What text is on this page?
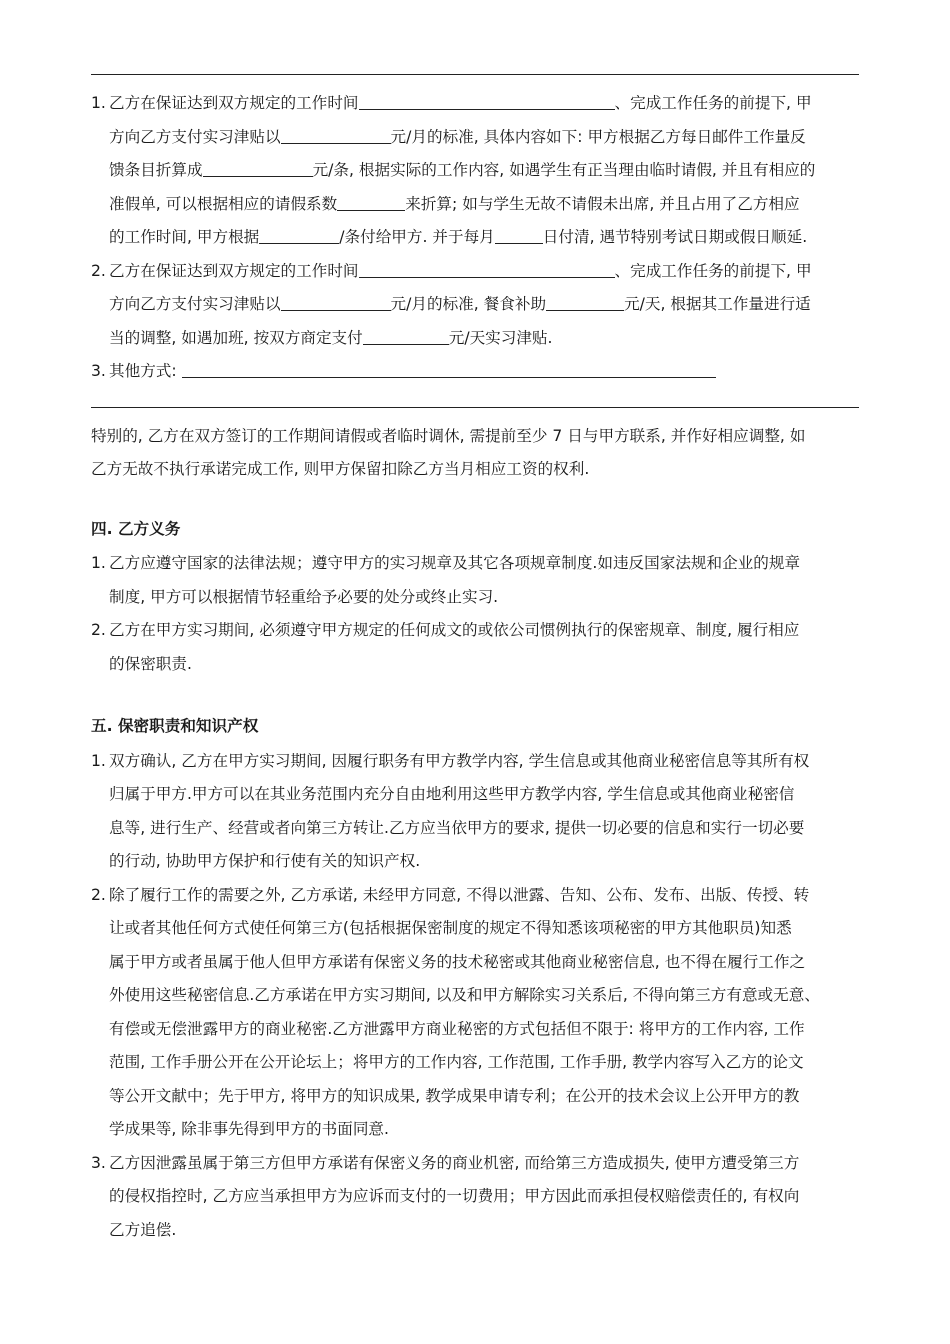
1. 乙方在保证达到双方规定的工作时间	、完成工作任务的前提下, 甲
方向乙方支付实习津贴以	元/月的标准, 具体内容如下: 甲方根据乙方每日邮件工作量反
馈条目折算成	元/条, 根据实际的工作内容, 如遇学生有正当理由临时请假, 并且有相应的
准假单, 可以根据相应的请假系数	来折算; 如与学生无故不请假未出席, 并且占用了乙方相应
的工作时间, 甲方根据	/条付给甲方. 并于每月	日付清, 遇节特别考试日期或假日顺延.
2. 乙方在保证达到双方规定的工作时间	、完成工作任务的前提下, 甲
方向乙方支付实习津贴以	元/月的标准, 餐食补助	元/天, 根据其工作量进行适
当的调整, 如遇加班, 按双方商定支付	元/天实习津贴.
3. 其他方式:
特别的, 乙方在双方签订的工作期间请假或者临时调休, 需提前至少 7 日与甲方联系, 并作好相应调整, 如
乙方无故不执行承诺完成工作, 则甲方保留扣除乙方当月相应工资的权利.
四. 乙方义务
1. 乙方应遵守国家的法律法规；遵守甲方的实习规章及其它各项规章制度.如违反国家法规和企业的规章
制度, 甲方可以根据情节轻重给予必要的处分或终止实习.
2. 乙方在甲方实习期间, 必须遵守甲方规定的任何成文的或依公司惯例执行的保密规章、制度, 履行相应
的保密职责.
五. 保密职责和知识产权
1. 双方确认, 乙方在甲方实习期间, 因履行职务有甲方教学内容, 学生信息或其他商业秘密信息等其所有权
归属于甲方.甲方可以在其业务范围内充分自由地利用这些甲方教学内容, 学生信息或其他商业秘密信
息等, 进行生产、经营或者向第三方转让.乙方应当依甲方的要求, 提供一切必要的信息和实行一切必要
的行动, 协助甲方保护和行使有关的知识产权.
2. 除了履行工作的需要之外, 乙方承诺, 未经甲方同意, 不得以泄露、告知、公布、发布、出版、传授、转
让或者其他任何方式使任何第三方(包括根据保密制度的规定不得知悉该项秘密的甲方其他职员)知悉
属于甲方或者虽属于他人但甲方承诺有保密义务的技术秘密或其他商业秘密信息, 也不得在履行工作之
外使用这些秘密信息.乙方承诺在甲方实习期间, 以及和甲方解除实习关系后, 不得向第三方有意或无意、
有偿或无偿泄露甲方的商业秘密.乙方泄露甲方商业秘密的方式包括但不限于: 将甲方的工作内容, 工作
范围, 工作手册公开在公开论坛上；将甲方的工作内容, 工作范围, 工作手册, 教学内容写入乙方的论文
等公开文献中；先于甲方, 将甲方的知识成果, 教学成果申请专利；在公开的技术会议上公开甲方的教
学成果等, 除非事先得到甲方的书面同意.
3. 乙方因泄露虽属于第三方但甲方承诺有保密义务的商业机密, 而给第三方造成损失, 使甲方遭受第三方
的侵权指控时, 乙方应当承担甲方为应诉而支付的一切费用；甲方因此而承担侵权赔偿责任的, 有权向
乙方追偿.
